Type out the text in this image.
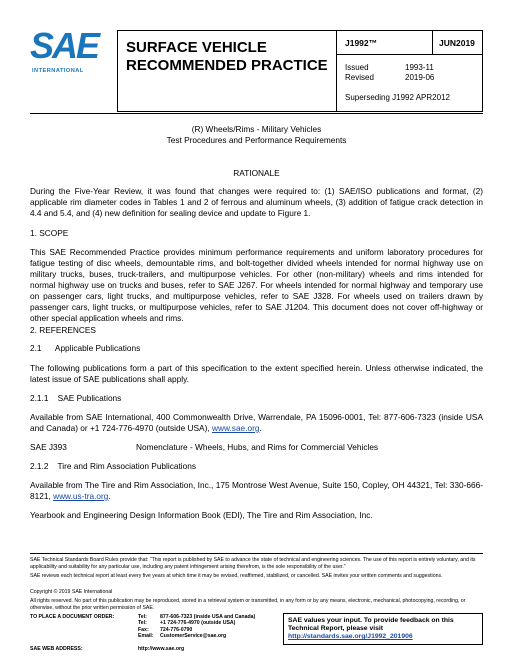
SAE
INTERNATIONAL
SURFACE VEHICLE
RECOMMENDED PRACTICE
J1992™	JUN2019
Issued	1993-11
Revised	2019-06
Superseding J1992 APR2012
(R) Wheels/Rims - Military Vehicles
Test Procedures and Performance Requirements
RATIONALE
During the Five-Year Review, it was found that changes were required to: (1) SAE/ISO publications and format, (2) applicable rim diameter codes in Tables 1 and 2 of ferrous and aluminum wheels, (3) addition of fatigue crack detection in 4.4 and 5.4, and (4) new definition for sealing device and update to Figure 1.
1. SCOPE
This SAE Recommended Practice provides minimum performance requirements and uniform laboratory procedures for fatigue testing of disc wheels, demountable rims, and bolt-together divided wheels intended for normal highway use on military trucks, buses, truck-trailers, and multipurpose vehicles. For other (non-military) wheels and rims intended for normal highway use on trucks and buses, refer to SAE J267. For wheels intended for normal highway and temporary use on passenger cars, light trucks, and multipurpose vehicles, refer to SAE J328. For wheels used on trailers drawn by passenger cars, light trucks, or multipurpose vehicles, refer to SAE J1204. This document does not cover off-highway or other special application wheels and rims.
2. REFERENCES
2.1      Applicable Publications
The following publications form a part of this specification to the extent specified herein. Unless otherwise indicated, the latest issue of SAE publications shall apply.
2.1.1    SAE Publications
Available from SAE International, 400 Commonwealth Drive, Warrendale, PA 15096-0001, Tel: 877-606-7323 (inside USA and Canada) or +1 724-776-4970 (outside USA), www.sae.org.
SAE J393	Nomenclature - Wheels, Hubs, and Rims for Commercial Vehicles
2.1.2    Tire and Rim Association Publications
Available from The Tire and Rim Association, Inc., 175 Montrose West Avenue, Suite 150, Copley, OH 44321, Tel: 330-666-8121, www.us-tra.org.
Yearbook and Engineering Design Information Book (EDI), The Tire and Rim Association, Inc.
SAE Technical Standards Board Rules provide that: “This report is published by SAE to advance the state of technical and engineering sciences. The use of this report is entirely voluntary, and its applicability and suitability for any particular use, including any patent infringement arising therefrom, is the sole responsibility of the user.”
SAE reviews each technical report at least every five years at which time it may be revised, reaffirmed, stabilized, or cancelled. SAE invites your written comments and suggestions.
Copyright © 2019 SAE International
All rights reserved. No part of this publication may be reproduced, stored in a retrieval system or transmitted, in any form or by any means, electronic, mechanical, photocopying, recording, or otherwise, without the prior written permission of SAE.
TO PLACE A DOCUMENT ORDER:
SAE WEB ADDRESS:
Tel:	877-606-7323 (inside USA and Canada)
Tel:	+1 724-776-4970 (outside USA)
Fax: 724-776-0790
Email: CustomerService@sae.org
http://www.sae.org
SAE values your input. To provide feedback on this
Technical Report, please visit
http://standards.sae.org/J1992_201906
